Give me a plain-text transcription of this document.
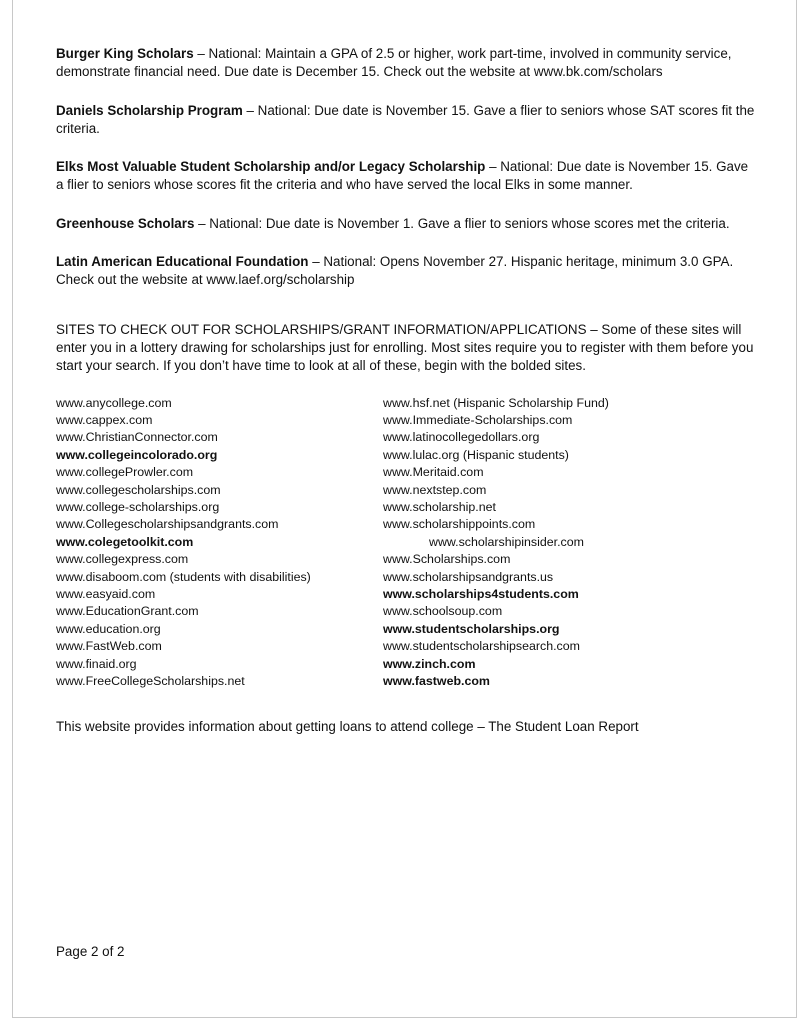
Burger King Scholars – National: Maintain a GPA of 2.5 or higher, work part-time, involved in community service, demonstrate financial need. Due date is December 15. Check out the website at www.bk.com/scholars

Daniels Scholarship Program – National: Due date is November 15. Gave a flier to seniors whose SAT scores fit the criteria.

Elks Most Valuable Student Scholarship and/or Legacy Scholarship – National: Due date is November 15. Gave a flier to seniors whose scores fit the criteria and who have served the local Elks in some manner.

Greenhouse Scholars – National: Due date is November 1. Gave a flier to seniors whose scores met the criteria.

Latin American Educational Foundation – National: Opens November 27. Hispanic heritage, minimum 3.0 GPA. Check out the website at www.laef.org/scholarship

SITES TO CHECK OUT FOR SCHOLARSHIPS/GRANT INFORMATION/APPLICATIONS – Some of these sites will enter you in a lottery drawing for scholarships just for enrolling. Most sites require you to register with them before you start your search. If you don’t have time to look at all of these, begin with the bolded sites.

www.anycollege.com
www.cappex.com
www.ChristianConnector.com
www.collegeincolorado.org
www.collegeProwler.com
www.collegescholarships.com
www.college-scholarships.org
www.Collegescholarshipsandgrants.com
www.colegetoolkit.com
www.collegexpress.com
www.disaboom.com (students with disabilities)
www.easyaid.com
www.EducationGrant.com
www.education.org
www.FastWeb.com
www.finaid.org
www.FreeCollegeScholarships.net
www.hsf.net (Hispanic Scholarship Fund)
www.Immediate-Scholarships.com
www.latinocollegedollars.org
www.lulac.org (Hispanic students)
www.Meritaid.com
www.nextstep.com
www.scholarship.net
www.scholarshippoints.com
www.scholarshipinsider.com
www.Scholarships.com
www.scholarshipsandgrants.us
www.scholarships4students.com
www.schoolsoup.com
www.studentscholarships.org
www.studentscholarshipsearch.com
www.zinch.com
www.fastweb.com

This website provides information about getting loans to attend college – The Student Loan Report

Page 2 of 2
